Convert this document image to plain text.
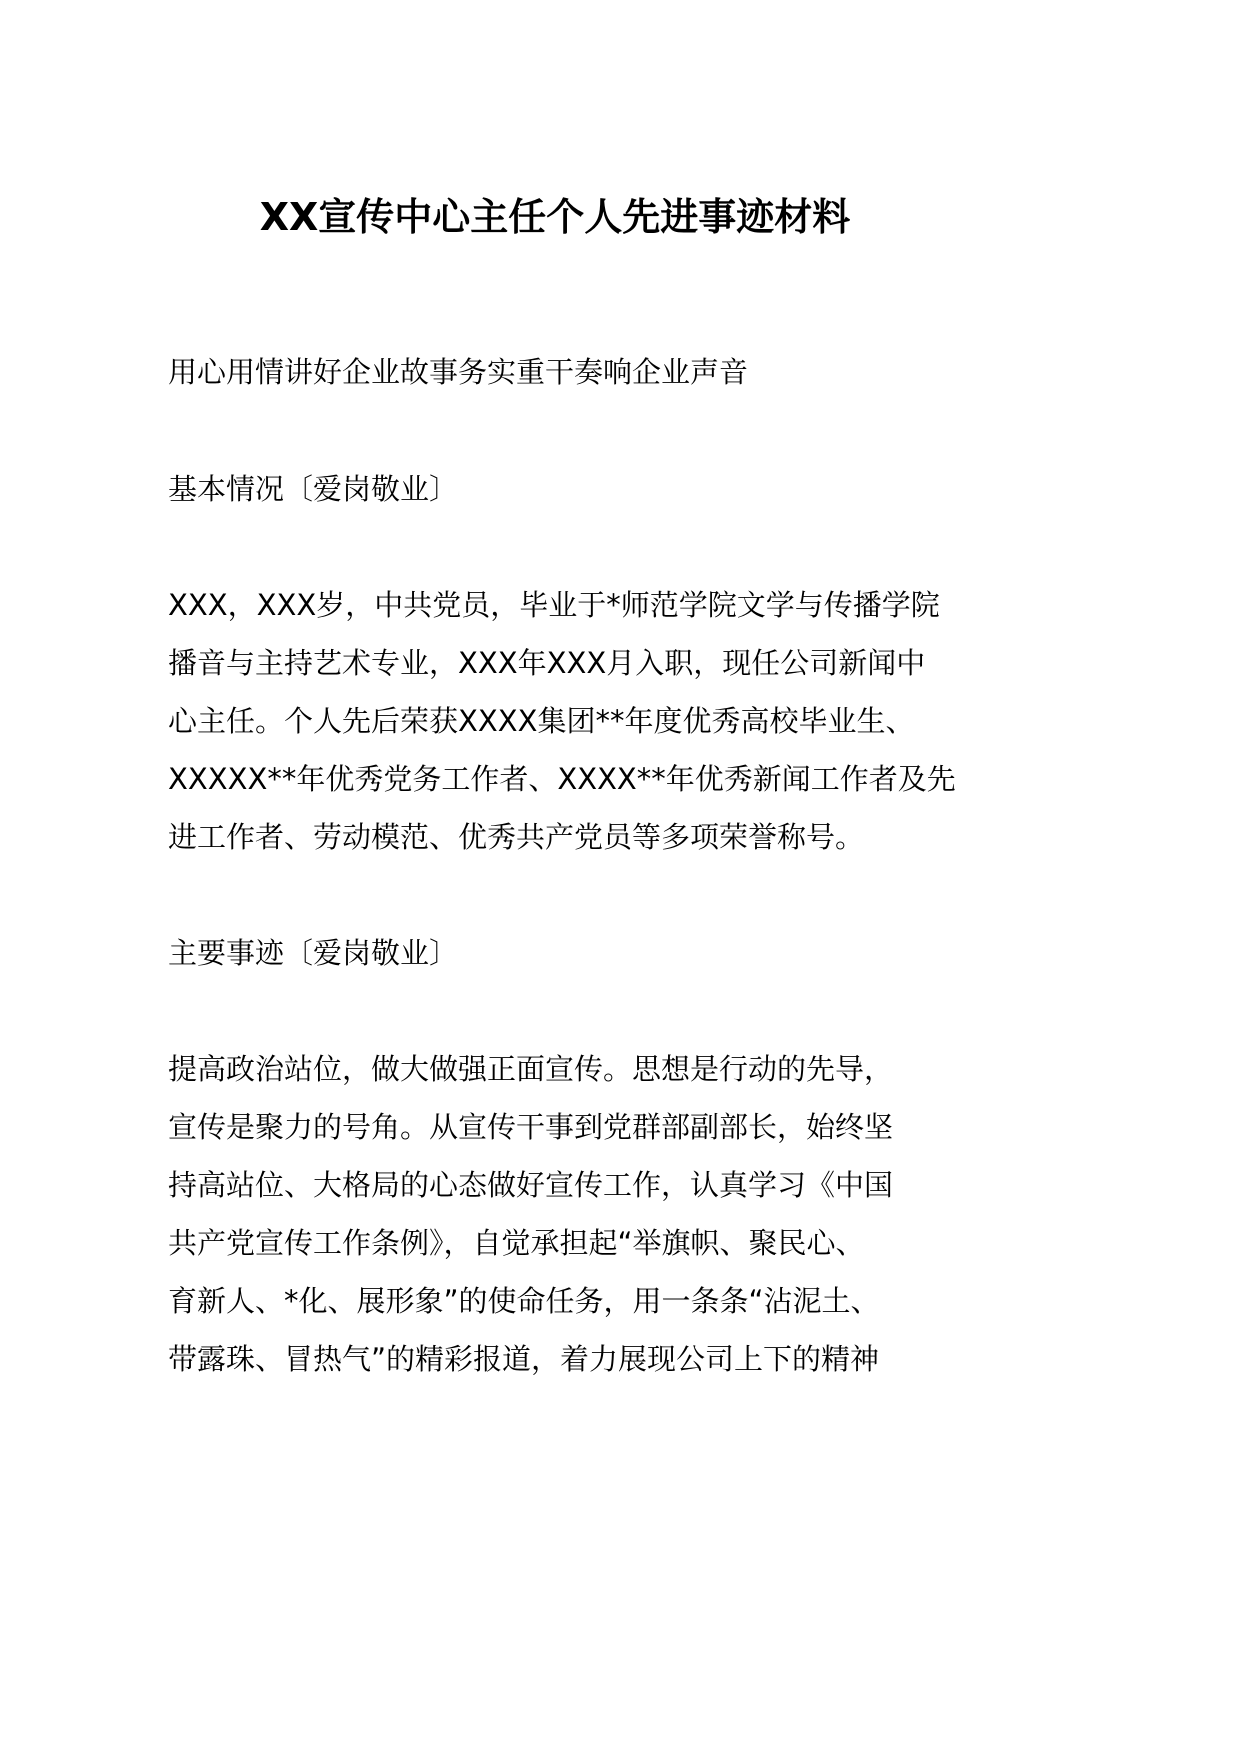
XX宣传中心主任个人先进事迹材料
用心用情讲好企业故事务实重干奏响企业声音
基本情况〔爱岗敬业〕
XXX，XXX岁，中共党员，毕业于*师范学院文学与传播学院
播音与主持艺术专业，XXX年XXX月入职，现任公司新闻中
心主任。个人先后荣获XXXX集团**年度优秀高校毕业生、
XXXXX**年优秀党务工作者、XXXX**年优秀新闻工作者及先
进工作者、劳动模范、优秀共产党员等多项荣誉称号。
主要事迹〔爱岗敬业〕
提高政治站位，做大做强正面宣传。思想是行动的先导，
宣传是聚力的号角。从宣传干事到党群部副部长，始终坚
持高站位、大格局的心态做好宣传工作，认真学习《中国
共产党宣传工作条例》，自觉承担起“举旗帜、聚民心、
育新人、*化、展形象”的使命任务，用一条条“沾泥土、
带露珠、冒热气”的精彩报道，着力展现公司上下的精神
